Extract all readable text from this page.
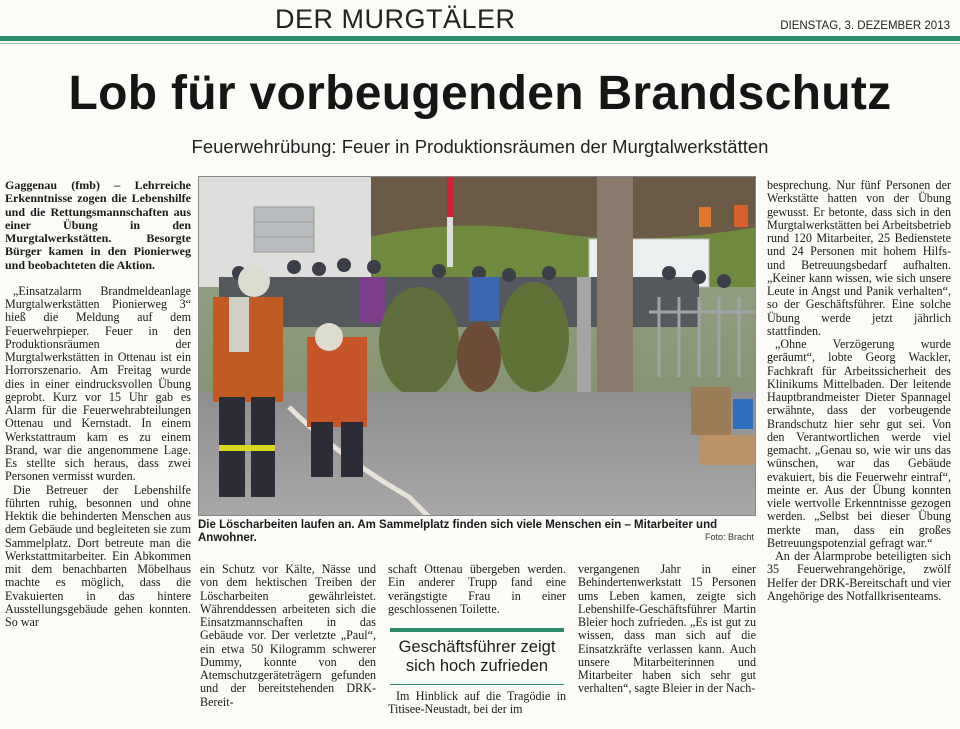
DER MURGTÄLER	DIENSTAG, 3. DEZEMBER 2013
Lob für vorbeugenden Brandschutz
Feuerwehrübung: Feuer in Produktionsräumen der Murgtalwerkstätten

Gaggenau (fmb) – Lehrreiche Erkenntnisse zogen die Lebenshilfe und die Rettungsmannschaften aus einer Übung in den Murgtalwerkstätten. Besorgte Bürger kamen in den Pionierweg und beobachteten die Aktion.

„Einsatzalarm Brandmeldeanlage Murgtalwerkstätten Pionierweg 3“ hieß die Meldung auf dem Feuerwehrpieper. Feuer in den Produktionsräumen der Murgtalwerkstätten in Ottenau ist ein Horrorszenario. Am Freitag wurde dies in einer eindrucksvollen Übung geprobt. Kurz vor 15 Uhr gab es Alarm für die Feuerwehrabteilungen Ottenau und Kernstadt. In einem Werkstattraum kam es zu einem Brand, war die angenommene Lage. Es stellte sich heraus, dass zwei Personen vermisst wurden.

Die Betreuer der Lebenshilfe führten ruhig, besonnen und ohne Hektik die behinderten Menschen aus dem Gebäude und begleiteten sie zum Sammelplatz. Dort betreute man die Werkstattmitarbeiter. Ein Abkommen mit dem benachbarten Möbelhaus machte es möglich, dass die Evakuierten in das hintere Ausstellungsgebäude gehen konnten. So war

Die Löscharbeiten laufen an. Am Sammelplatz finden sich viele Menschen ein – Mitarbeiter und Anwohner.	Foto: Bracht

ein Schutz vor Kälte, Nässe und von dem hektischen Treiben der Löscharbeiten gewährleistet. Währenddessen arbeiteten sich die Einsatzmannschaften in das Gebäude vor. Der verletzte „Paul“, ein etwa 50 Kilogramm schwerer Dummy, konnte von den Atemschutzgeräteträgern gefunden und der bereitstehenden DRK-Bereit-

schaft Ottenau übergeben werden. Ein anderer Trupp fand eine verängstigte Frau in einer geschlossenen Toilette.

Geschäftsführer zeigt sich hoch zufrieden

Im Hinblick auf die Tragödie in Titisee-Neustadt, bei der im

vergangenen Jahr in einer Behindertenwerkstatt 15 Personen ums Leben kamen, zeigte sich Lebenshilfe-Geschäftsführer Martin Bleier hoch zufrieden. „Es ist gut zu wissen, dass man sich auf die Einsatzkräfte verlassen kann. Auch unsere Mitarbeiterinnen und Mitarbeiter haben sich sehr gut verhalten“, sagte Bleier in der Nach-

besprechung. Nur fünf Personen der Werkstätte hatten von der Übung gewusst. Er betonte, dass sich in den Murgtalwerkstätten bei Arbeitsbetrieb rund 120 Mitarbeiter, 25 Bedienstete und 24 Personen mit hohem Hilfs- und Betreuungsbedarf aufhalten. „Keiner kann wissen, wie sich unsere Leute in Angst und Panik verhalten“, so der Geschäftsführer. Eine solche Übung werde jetzt jährlich stattfinden.

„Ohne Verzögerung wurde geräumt“, lobte Georg Wackler, Fachkraft für Arbeitssicherheit des Klinikums Mittelbaden. Der leitende Hauptbrandmeister Dieter Spannagel erwähnte, dass der vorbeugende Brandschutz hier sehr gut sei. Von den Verantwortlichen werde viel gemacht. „Genau so, wie wir uns das wünschen, war das Gebäude evakuiert, bis die Feuerwehr eintraf“, meinte er. Aus der Übung konnten viele wertvolle Erkenntnisse gezogen werden. „Selbst bei dieser Übung merkte man, dass ein großes Betreuungspotenzial gefragt war.“

An der Alarmprobe beteiligten sich 35 Feuerwehrangehörige, zwölf Helfer der DRK-Bereitschaft und vier Angehörige des Notfallkrisenteams.
